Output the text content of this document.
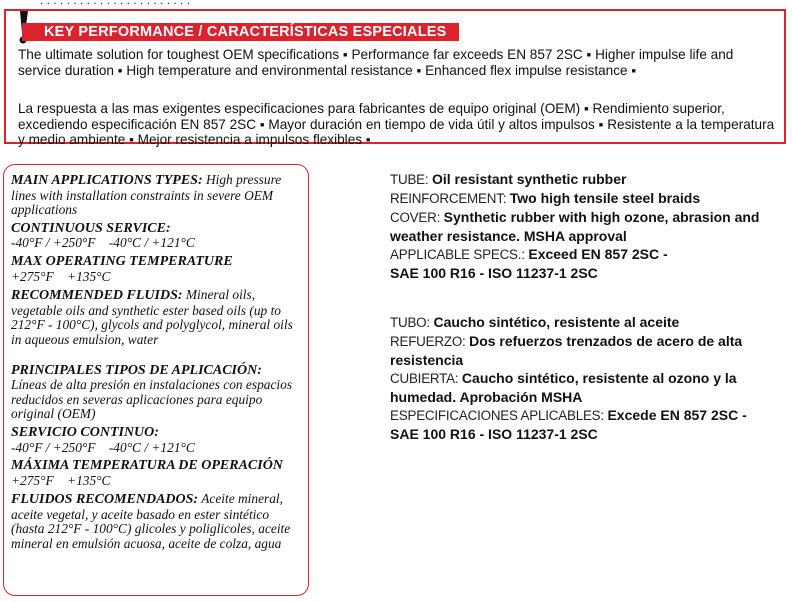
. . . . . . . . . . . . . . . . . . . . . . .
KEY PERFORMANCE / CARACTERÍSTICAS ESPECIALES
The ultimate solution for toughest OEM specifications ▪ Performance far exceeds EN 857 2SC ▪ Higher impulse life and service duration ▪ High temperature and environmental resistance ▪ Enhanced flex impulse resistance ▪
La respuesta a las mas exigentes especificaciones para fabricantes de equipo original (OEM) ▪ Rendimiento superior, excediendo especificación EN 857 2SC ▪ Mayor duración en tiempo de vida útil y altos impulsos ▪ Resistente a la temperatura y medio ambiente ▪ Mejor resistencia a impulsos flexibles ▪

MAIN APPLICATIONS TYPES: High pressure lines with installation constraints in severe OEM applications

CONTINUOUS SERVICE:

-40°F / +250°F    -40°C / +121°C

MAX OPERATING TEMPERATURE

+275°F    +135°C

RECOMMENDED FLUIDS: Mineral oils, vegetable oils and synthetic ester based oils (up to 212°F - 100°C), glycols and polyglycol, mineral oils in aqueous emulsion, water

PRINCIPALES TIPOS DE APLICACIÓN:

Líneas de alta presión en instalaciones con espacios reducidos en severas aplicaciones para equipo original (OEM)

SERVICIO CONTINUO:

-40°F / +250°F    -40°C / +121°C

MÁXIMA TEMPERATURA DE OPERACIÓN

+275°F    +135°C

FLUIDOS RECOMENDADOS: Aceite mineral, aceite vegetal, y aceite basado en ester sintético (hasta 212°F - 100°C) glicoles y poliglicoles, aceite mineral en emulsión acuosa, aceite de colza, agua

TUBE: Oil resistant synthetic rubber

REINFORCEMENT: Two high tensile steel braids

COVER: Synthetic rubber with high ozone, abrasion and weather resistance. MSHA approval

APPLICABLE SPECS.: Exceed EN 857 2SC -

SAE 100 R16 - ISO 11237-1 2SC

TUBO: Caucho sintético, resistente al aceite

REFUERZO: Dos refuerzos trenzados de acero de alta resistencia

CUBIERTA: Caucho sintético, resistente al ozono y la humedad. Aprobación MSHA

ESPECIFICACIONES APLICABLES: Excede EN 857 2SC -

SAE 100 R16 - ISO 11237-1 2SC
